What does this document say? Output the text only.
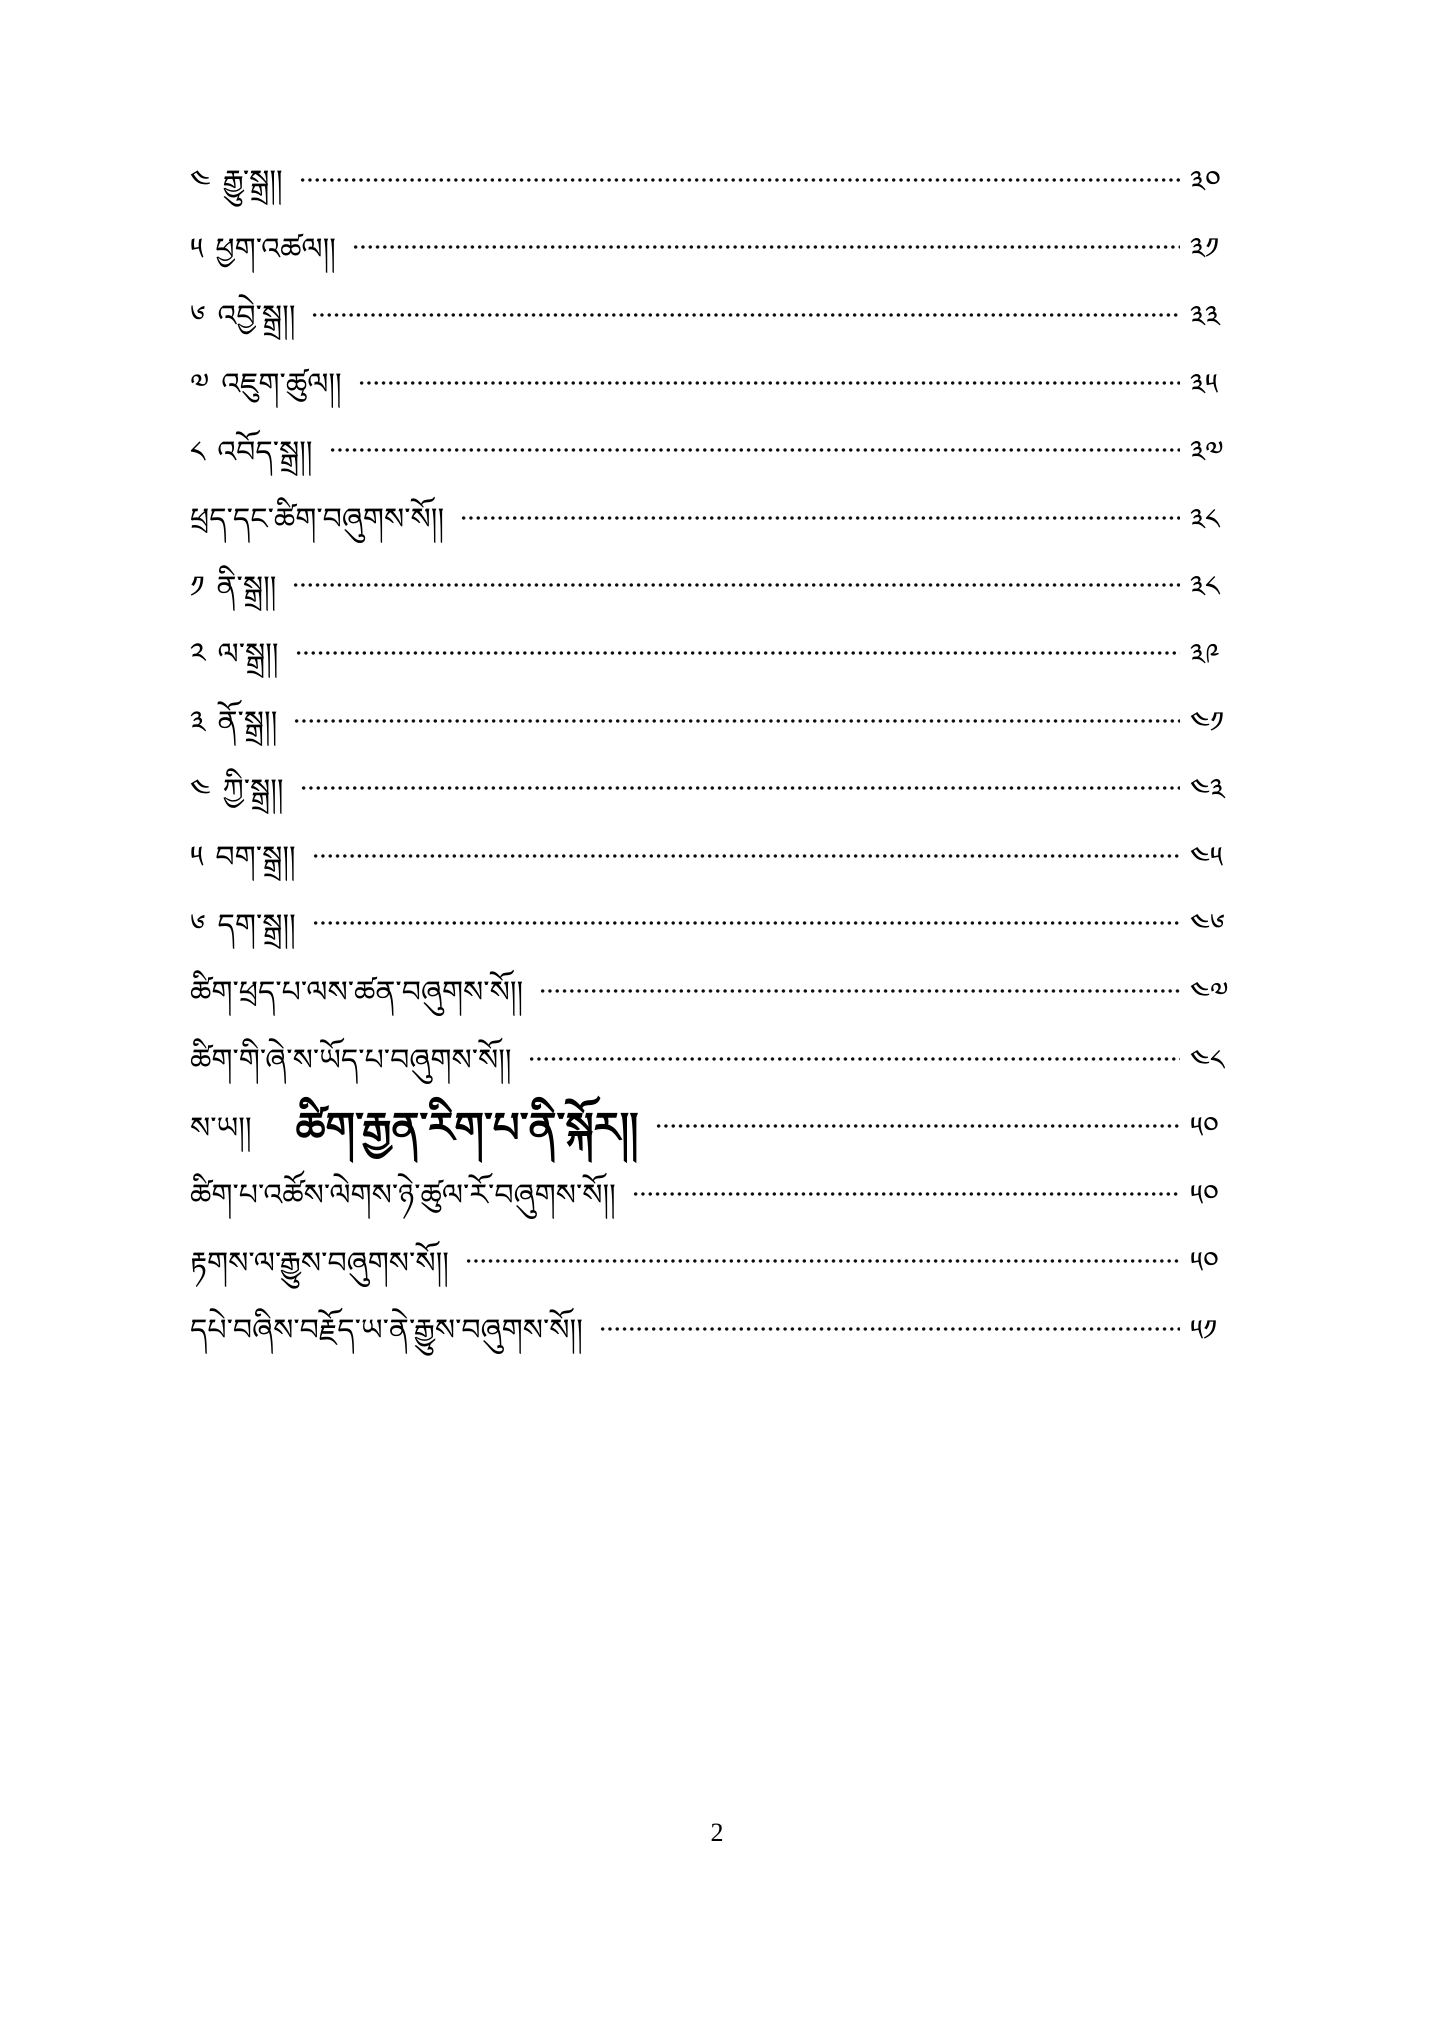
༤ རྒྱུ་སྒྲ།།	༣༠
༥ ཕྱག་འཚལ།།	༣༡
༦ འབྱེ་སྒྲ།།	༣༣
༧ འཇུག་ཚུལ།།	༣༥
༨ འབོད་སྒྲ།།	༣༧
ཕྲད་དང་ཚིག་བཞུགས་སོ།།	༣༨
༡ ནི་སྒྲ།།	༣༨
༢ ལ་སྒྲ།།	༣༩
༣ ནོ་སྒྲ།།	༤༡
༤ ཀྱི་སྒྲ།།	༤༣
༥ བག་སྒྲ།།	༤༥
༦ དག་སྒྲ།།	༤༦
ཚིག་ཕྲད་པ་ལས་ཚན་བཞུགས་སོ།།	༤༧
ཚིག་གི་ཞེ་ས་ཡོད་པ་བཞུགས་སོ།།	༤༨
ས་ཡ།།	ཚིག་རྒྱན་རིག་པ་ནི་སྐོར།།	༥༠
ཚིག་པ་འཚོས་ལེགས་ཉེ་ཚུལ་རོ་བཞུགས་སོ།།	༥༠
རྟགས་ལ་རྒྱུས་བཞུགས་སོ།།	༥༠
དཔེ་བཞིས་བརྗོད་ཡ་ནེ་རྒྱུས་བཞུགས་སོ།།	༥༡
2
